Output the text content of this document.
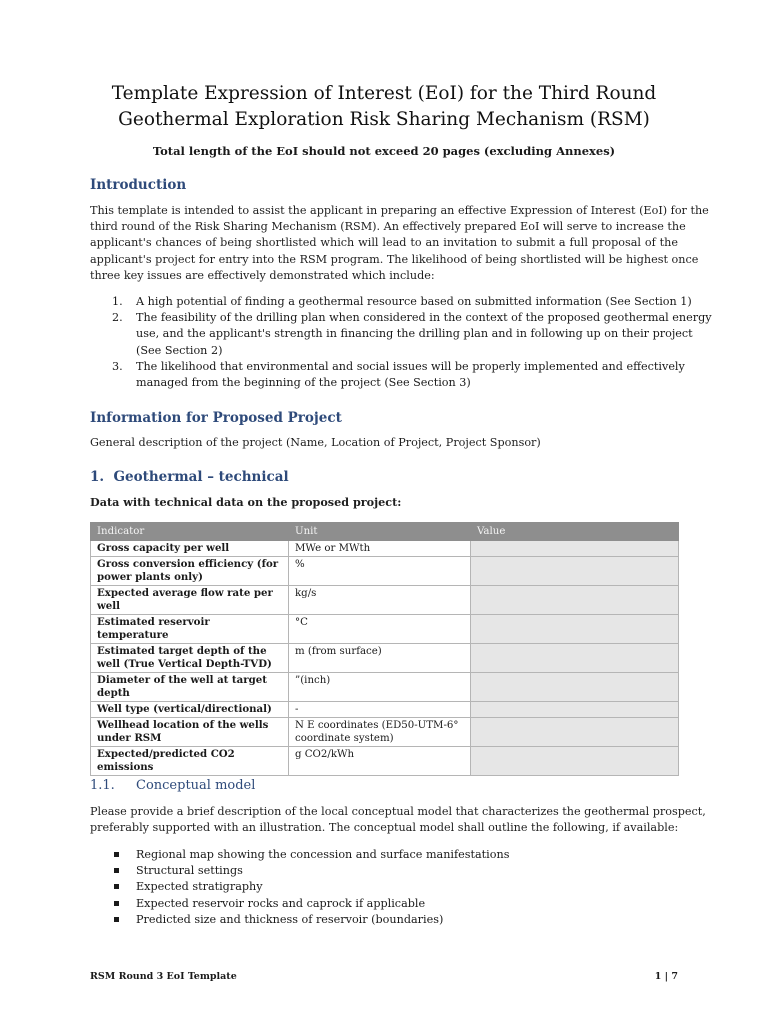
Template Expression of Interest (EoI) for the Third Round
Geothermal Exploration Risk Sharing Mechanism (RSM)
Total length of the EoI should not exceed 20 pages (excluding Annexes)
Introduction
This template is intended to assist the applicant in preparing an effective Expression of Interest (EoI) for the
third round of the Risk Sharing Mechanism (RSM). An effectively prepared EoI will serve to increase the
applicant's chances of being shortlisted which will lead to an invitation to submit a full proposal of the
applicant's project for entry into the RSM program. The likelihood of being shortlisted will be highest once
three key issues are effectively demonstrated which include:
1. A high potential of finding a geothermal resource based on submitted information (See Section 1)
2. The feasibility of the drilling plan when considered in the context of the proposed geothermal energy
use, and the applicant's strength in financing the drilling plan and in following up on their project
(See Section 2)
3. The likelihood that environmental and social issues will be properly implemented and effectively
managed from the beginning of the project (See Section 3)
Information for Proposed Project
General description of the project (Name, Location of Project, Project Sponsor)
1.  Geothermal – technical
Data with technical data on the proposed project:
Indicator	Unit	Value
Gross capacity per well	MWe or MWth	
Gross conversion efficiency (for power plants only)	%	
Expected average flow rate per well	kg/s	
Estimated reservoir temperature	°C	
Estimated target depth of the well (True Vertical Depth-TVD)	m (from surface)	
Diameter of the well at target depth	”(inch)	
Well type (vertical/directional)	-	
Wellhead location of the wells under RSM	N E coordinates (ED50-UTM-6° coordinate system)	
Expected/predicted CO2 emissions	g CO2/kWh	
1.1. Conceptual model
Please provide a brief description of the local conceptual model that characterizes the geothermal prospect,
preferably supported with an illustration. The conceptual model shall outline the following, if available:
Regional map showing the concession and surface manifestations
Structural settings
Expected stratigraphy
Expected reservoir rocks and caprock if applicable
Predicted size and thickness of reservoir (boundaries)
RSM Round 3 EoI Template	1 | 7
